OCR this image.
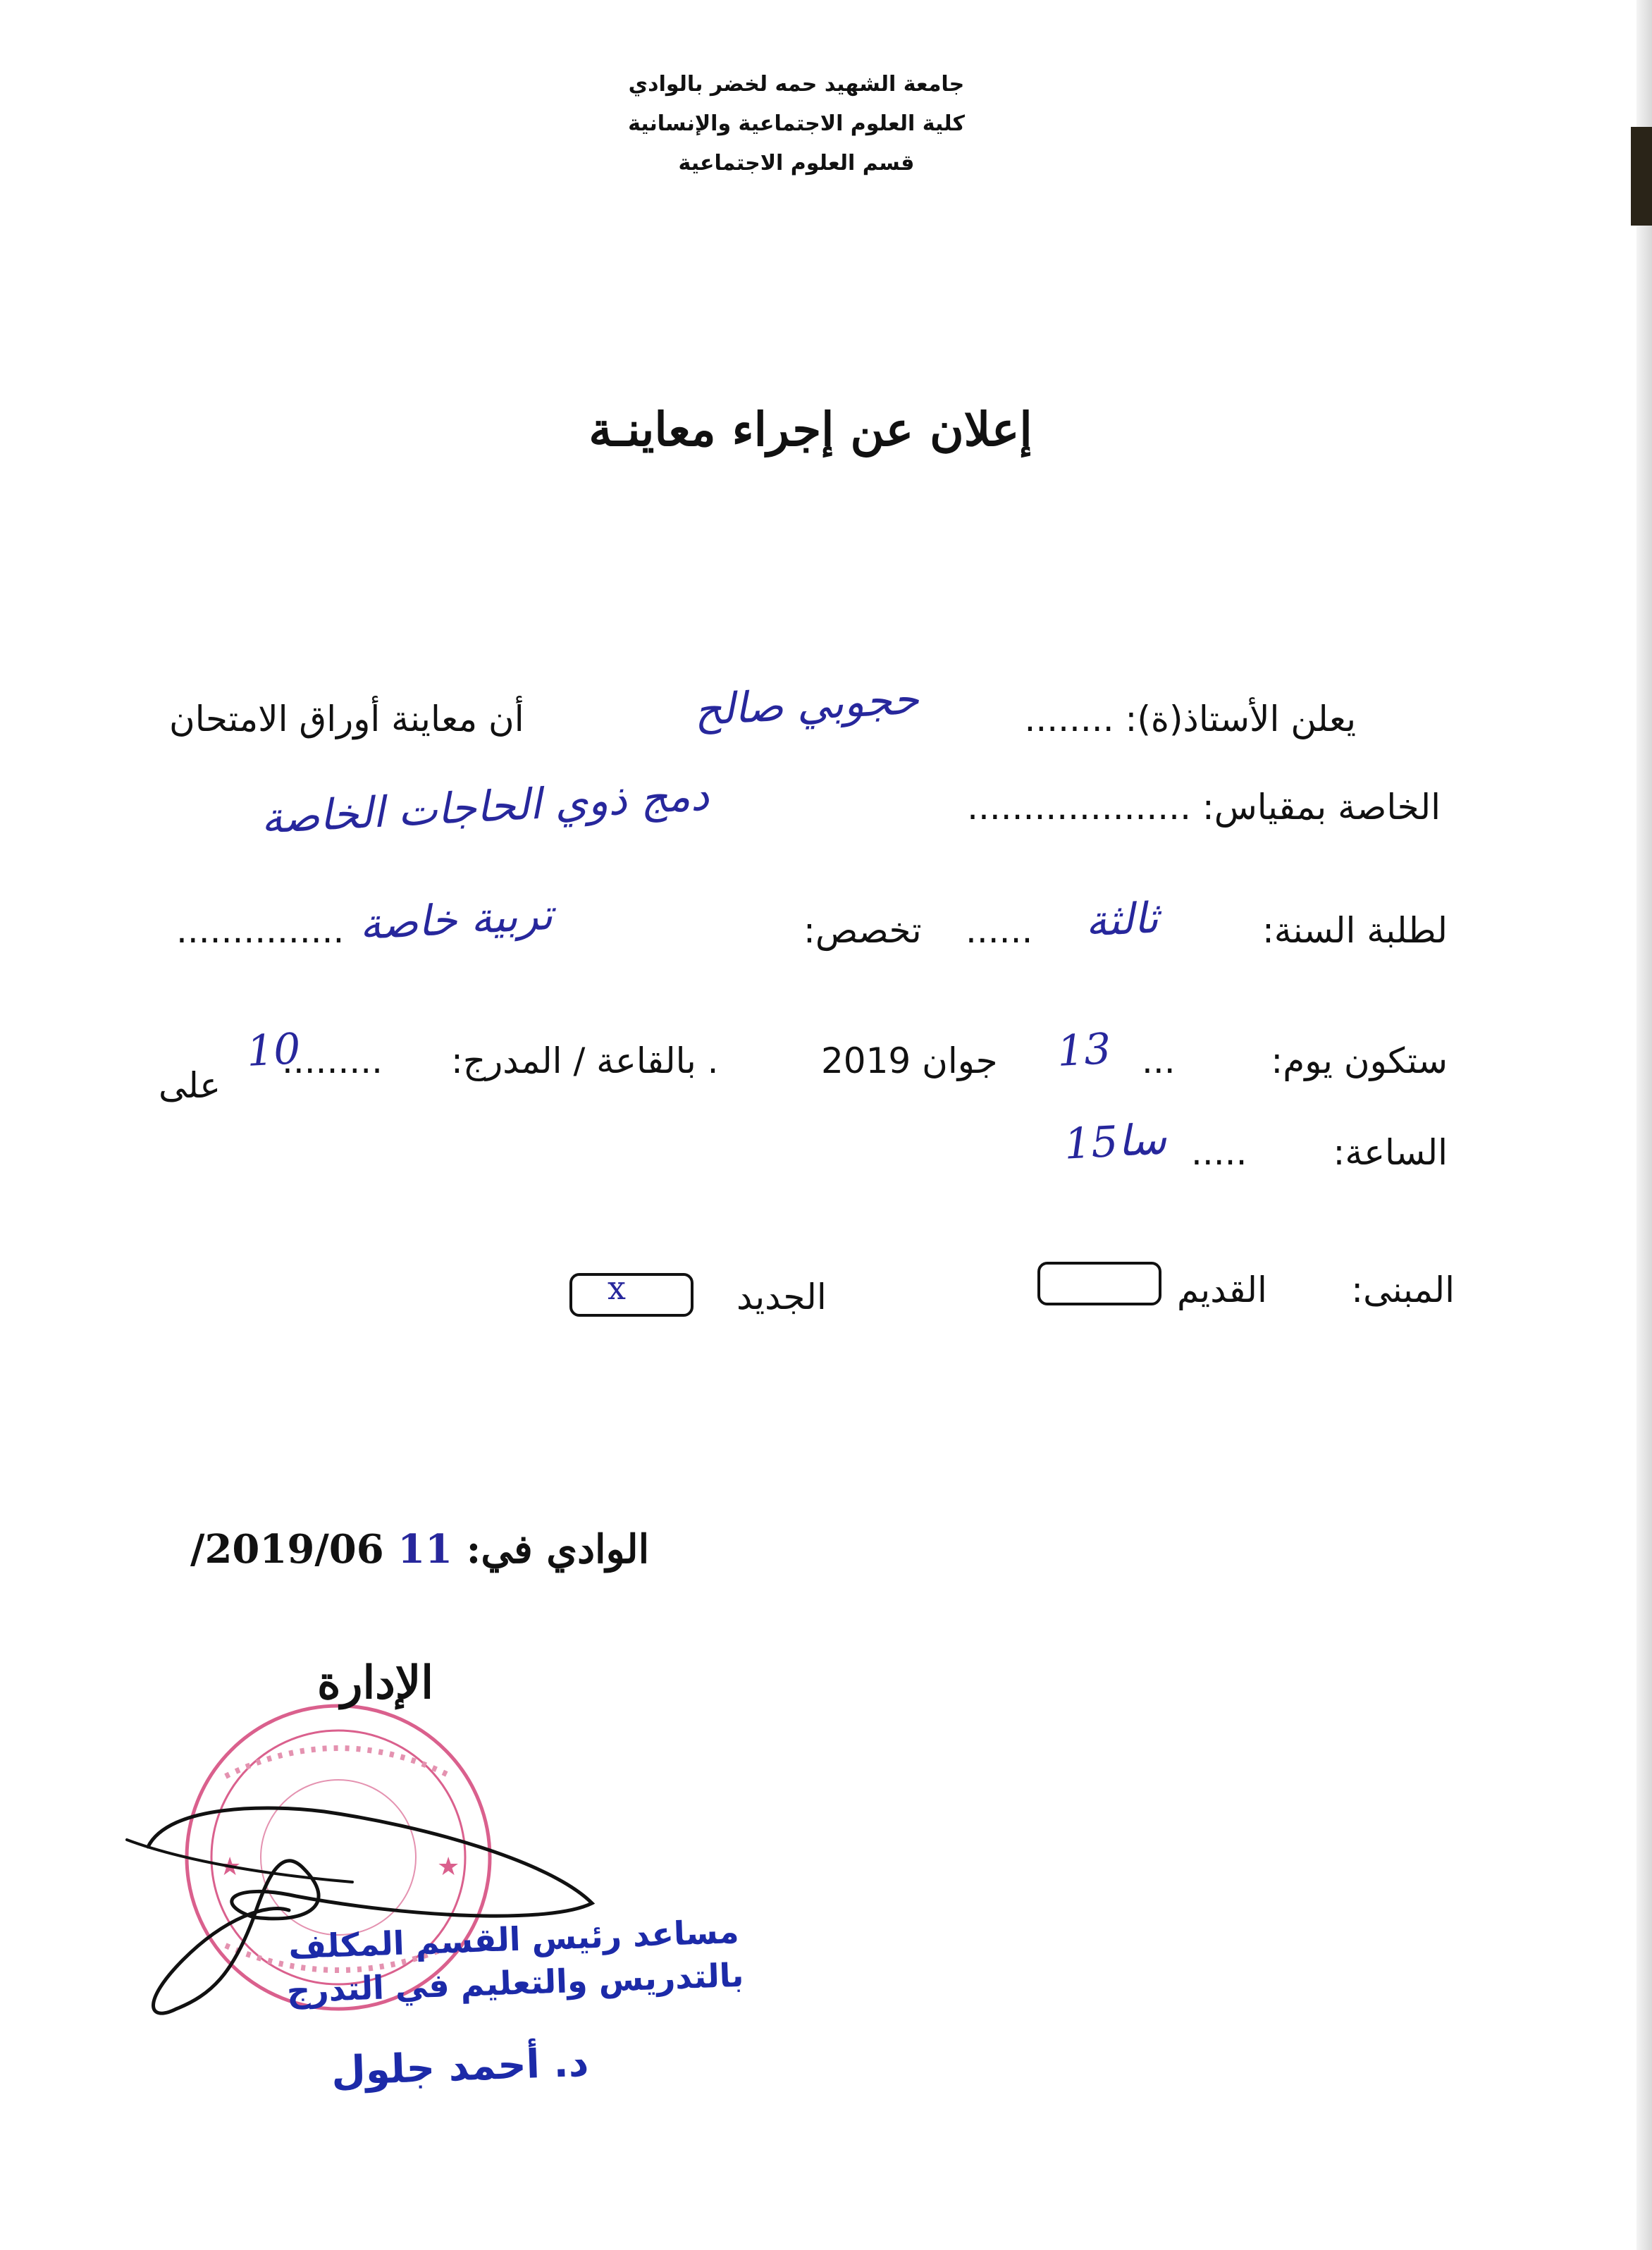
جامعة الشهيد حمه لخضر بالوادي
كلية العلوم الاجتماعية والإنسانية
قسم العلوم الاجتماعية
إعلان عن إجراء معاينـة
يعلن الأستاذ(ة): ........
حجوبي صالح
أن معاينة أوراق الامتحان
الخاصة بمقياس: ....................
دمج ذوي الحاجات الخاصة
لطلبة السنة:
ثالثة
......
تخصص:
............... تربية خاصة
ستكون يوم:
13 ...
جوان 2019
. بالقاعة / المدرج:
.........
10
على
الساعة:
.....
15سا
المبنى:
القديم
الجديد
x
الوادي في: 11 2019/06/
★	★
الإدارة
مساعد رئيس القسم المكلف
بالتدريس والتعليم في التدرج
د. أحمد جلول
